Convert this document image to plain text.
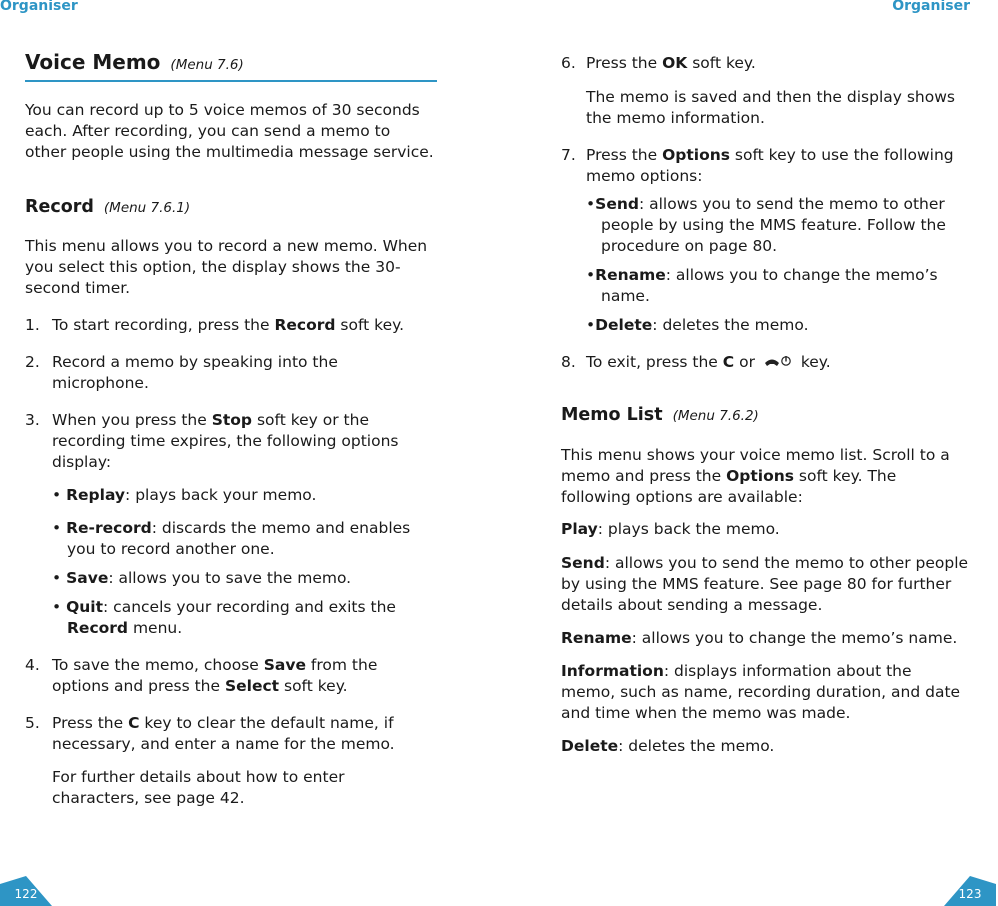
Organiser	Organiser
Voice Memo (Menu 7.6)

You can record up to 5 voice memos of 30 seconds

each. After recording, you can send a memo to

other people using the multimedia message service.

Record (Menu 7.6.1)

This menu allows you to record a new memo. When

you select this option, the display shows the 30-

second timer.

1. To start recording, press the Record soft key.

2. Record a memo by speaking into the

microphone.

3. When you press the Stop soft key or the

recording time expires, the following options

display:

• Replay: plays back your memo.

• Re-record: discards the memo and enables

you to record another one.

• Save: allows you to save the memo.

• Quit: cancels your recording and exits the

Record menu.

4. To save the memo, choose Save from the

options and press the Select soft key.

5. Press the C key to clear the default name, if

necessary, and enter a name for the memo.

For further details about how to enter

characters, see page 42.

122
6. Press the OK soft key.

The memo is saved and then the display shows

the memo information.

7. Press the Options soft key to use the following

memo options:

•Send: allows you to send the memo to other

people by using the MMS feature. Follow the

procedure on page 80.

•Rename: allows you to change the memo’s

name.

•Delete: deletes the memo.

8. To exit, press the C or  key.

Memo List (Menu 7.6.2)

This menu shows your voice memo list. Scroll to a

memo and press the Options soft key. The

following options are available:

Play: plays back the memo.

Send: allows you to send the memo to other people

by using the MMS feature. See page 80 for further

details about sending a message.

Rename: allows you to change the memo’s name.

Information: displays information about the

memo, such as name, recording duration, and date

and time when the memo was made.

Delete: deletes the memo.

123
